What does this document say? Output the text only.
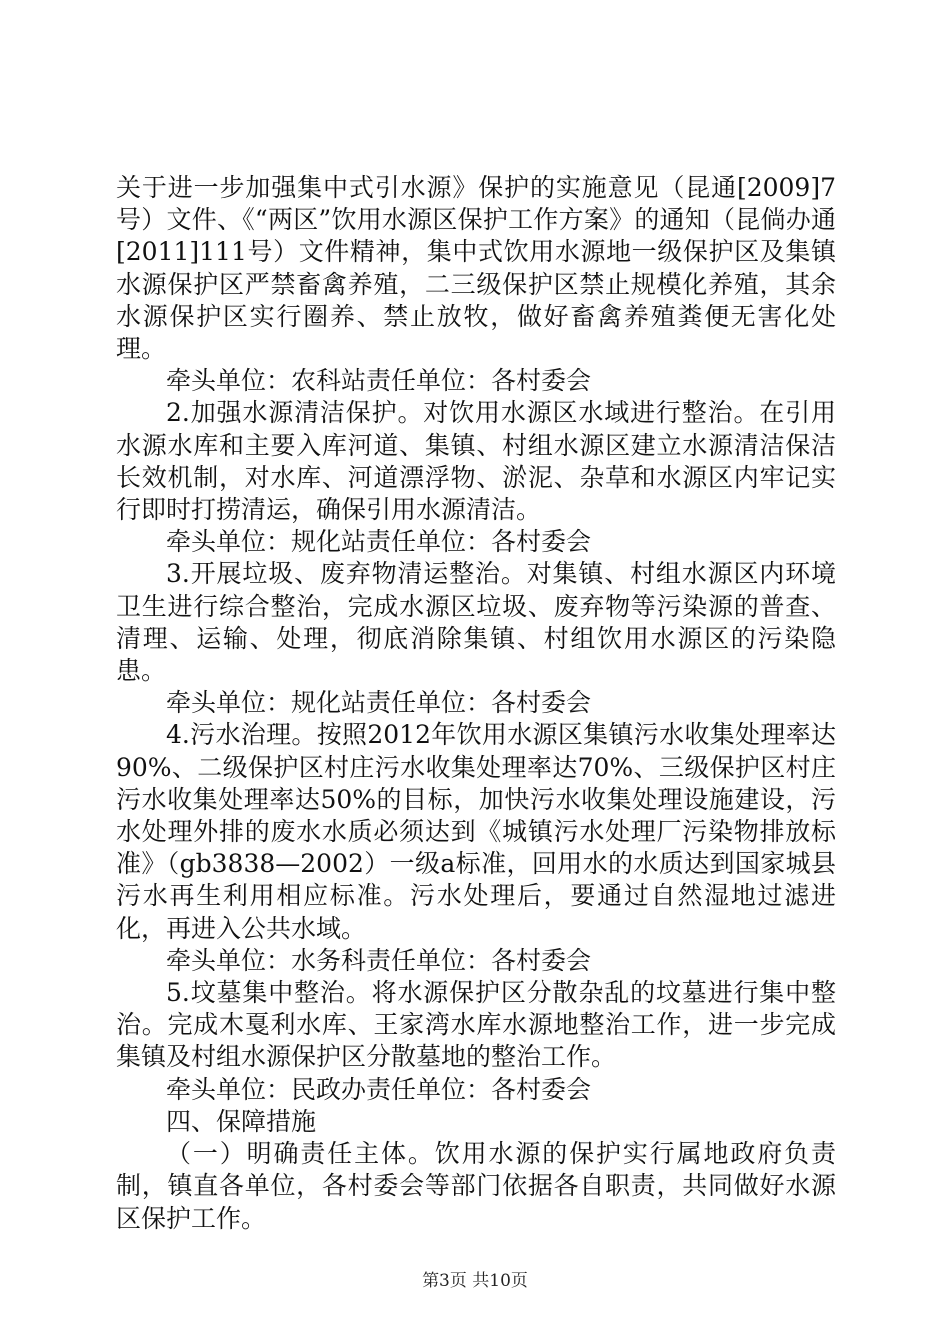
关于进一步加强集中式引水源》保护的实施意见（昆通[2009]7号）文件、《“两区”饮用水源区保护工作方案》的通知（昆倘办通[2011]111号）文件精神，集中式饮用水源地一级保护区及集镇水源保护区严禁畜禽养殖，二三级保护区禁止规模化养殖，其余水源保护区实行圈养、禁止放牧，做好畜禽养殖粪便无害化处理。

牵头单位：农科站责任单位：各村委会

2.加强水源清洁保护。对饮用水源区水域进行整治。在引用水源水库和主要入库河道、集镇、村组水源区建立水源清洁保洁长效机制，对水库、河道漂浮物、淤泥、杂草和水源区内牢记实行即时打捞清运，确保引用水源清洁。

牵头单位：规化站责任单位：各村委会

3.开展垃圾、废弃物清运整治。对集镇、村组水源区内环境卫生进行综合整治，完成水源区垃圾、废弃物等污染源的普查、清理、运输、处理，彻底消除集镇、村组饮用水源区的污染隐患。

牵头单位：规化站责任单位：各村委会

4.污水治理。按照2012年饮用水源区集镇污水收集处理率达90%、二级保护区村庄污水收集处理率达70%、三级保护区村庄污水收集处理率达50%的目标，加快污水收集处理设施建设，污水处理外排的废水水质必须达到《城镇污水处理厂污染物排放标准》（gb3838—2002）一级a标准，回用水的水质达到国家城县污水再生利用相应标准。污水处理后，要通过自然湿地过滤进化，再进入公共水域。

牵头单位：水务科责任单位：各村委会

5.坟墓集中整治。将水源保护区分散杂乱的坟墓进行集中整治。完成木戛利水库、王家湾水库水源地整治工作，进一步完成集镇及村组水源保护区分散墓地的整治工作。

牵头单位：民政办责任单位：各村委会

四、保障措施

（一）明确责任主体。饮用水源的保护实行属地政府负责制，镇直各单位，各村委会等部门依据各自职责，共同做好水源区保护工作。

第3页 共10页
